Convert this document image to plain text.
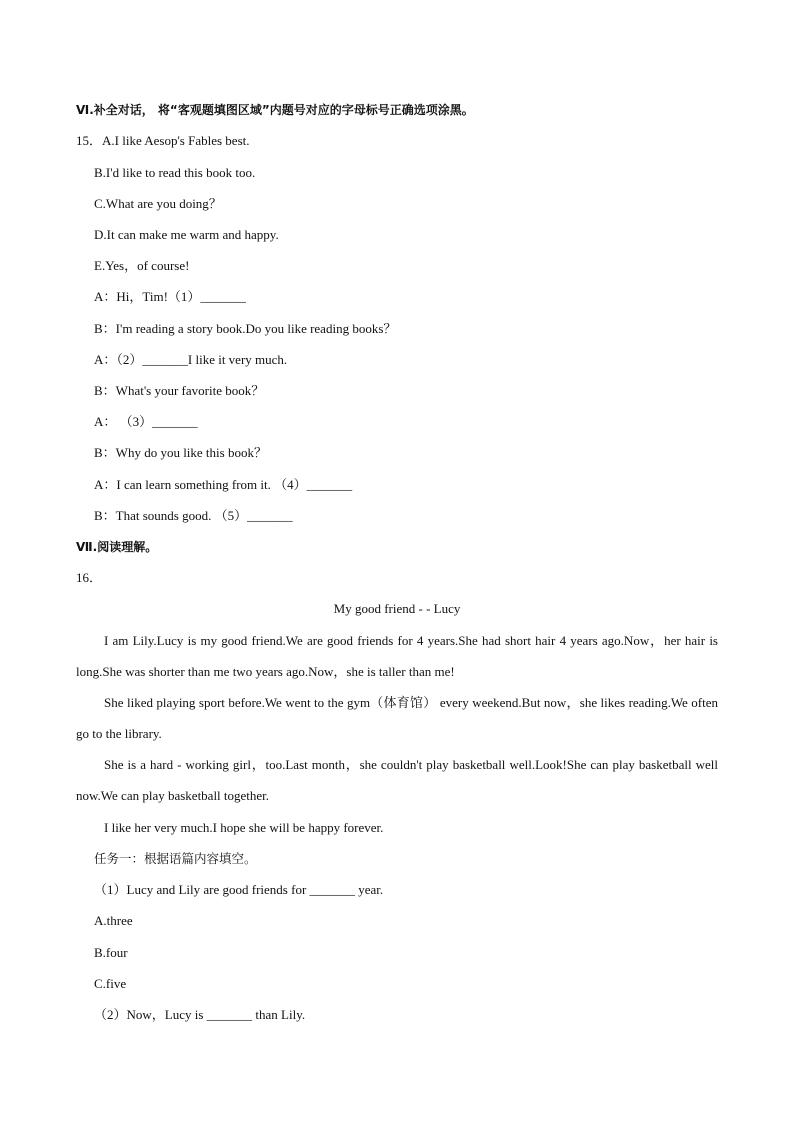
Ⅵ.补全对话， 将“客观题填图区域”内题号对应的字母标号正确选项涂黑。
15．A.I like Aesop's Fables best.
B.I'd like to read this book too.
C.What are you doing？
D.It can make me warm and happy.
E.Yes，of course!
A：Hi，Tim!（1）_______
B：I'm reading a story book.Do you like reading books？
A：（2）_______I like it very much.
B：What's your favorite book？
A： （3）_______
B：Why do you like this book？
A：I can learn something from it. （4）_______
B：That sounds good. （5）_______
Ⅶ.阅读理解。
16．
My good friend - - Lucy
I am Lily.Lucy is my good friend.We are good friends for 4 years.She had short hair 4 years ago.Now，her hair is long.She was shorter than me two years ago.Now，she is taller than me!
She liked playing sport before.We went to the gym（体育馆） every weekend.But now，she likes reading.We often go to the library.
She is a hard - working girl，too.Last month，she couldn't play basketball well.Look!She can play basketball well now.We can play basketball together.
I like her very much.I hope she will be happy forever.
任务一：根据语篇内容填空。
（1）Lucy and Lily are good friends for _______ year.
A.three
B.four
C.five
（2）Now，Lucy is _______ than Lily.
